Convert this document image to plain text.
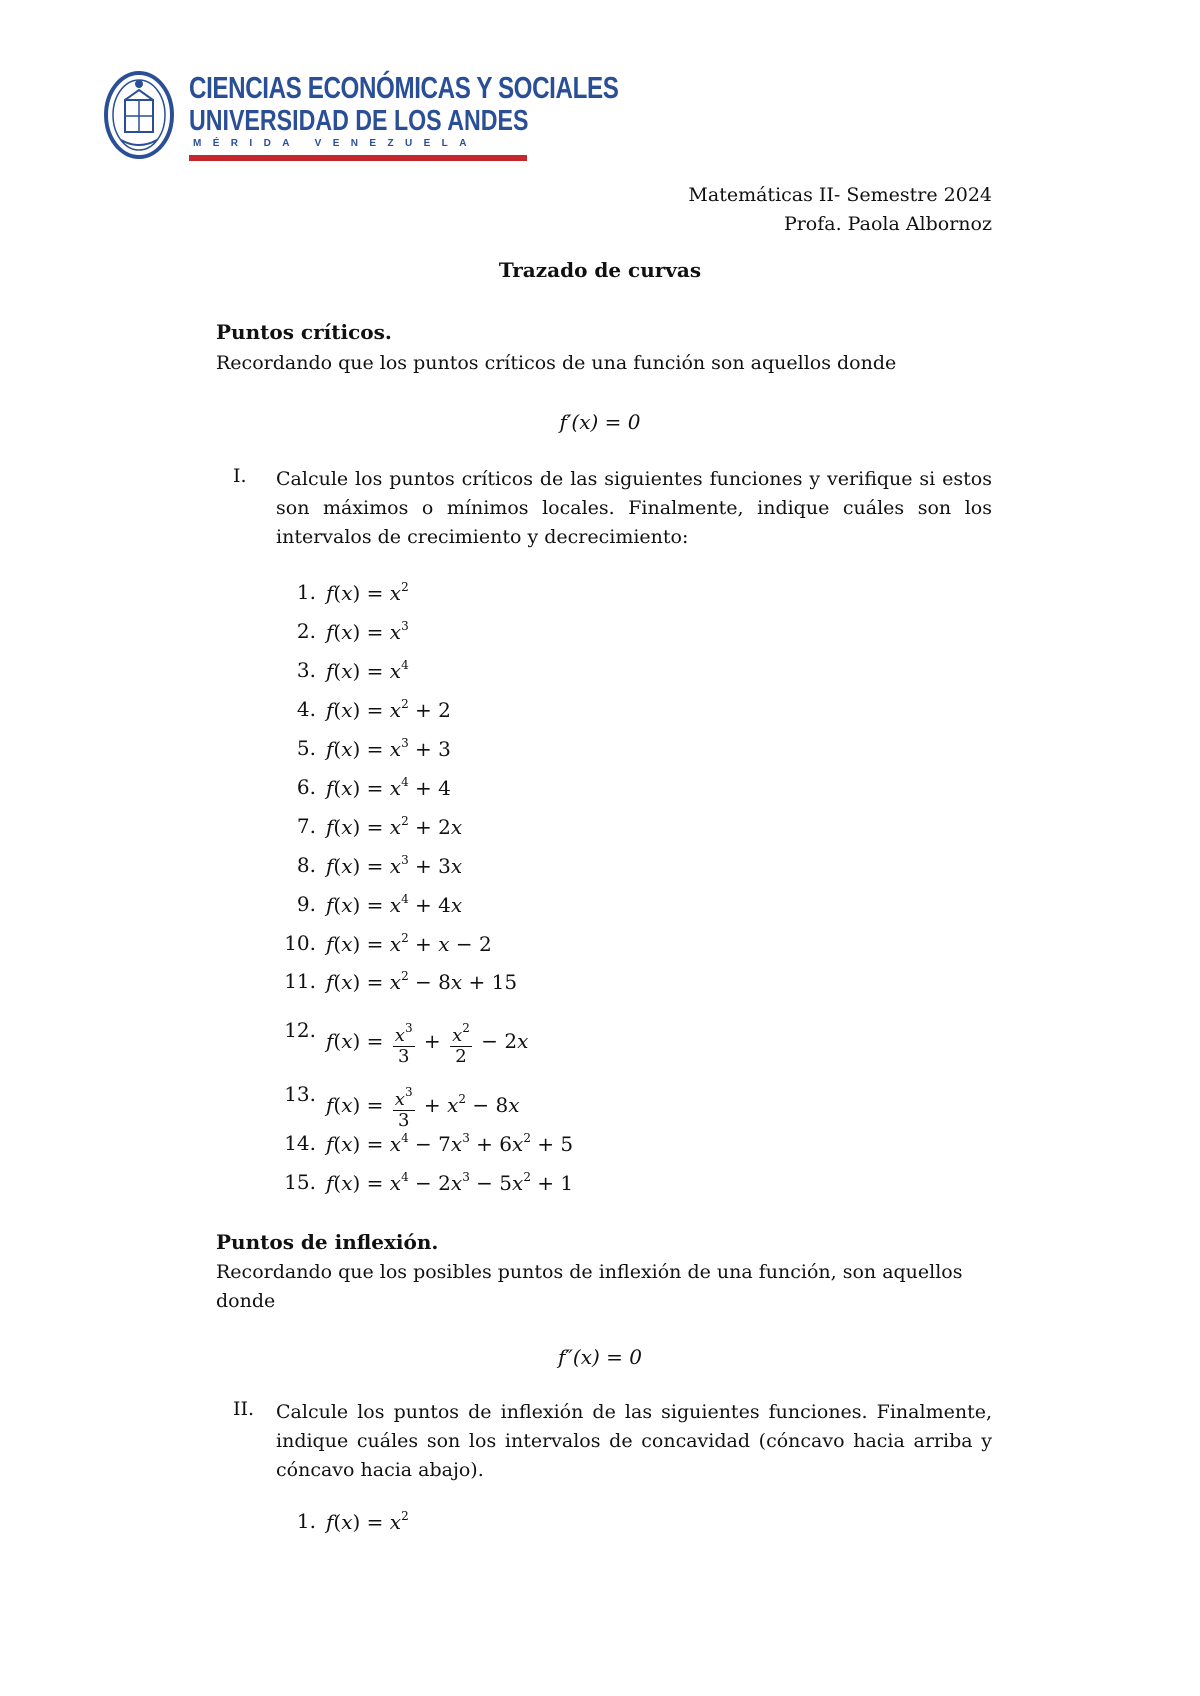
CIENCIAS ECONÓMICAS Y SOCIALES
UNIVERSIDAD DE LOS ANDES
MÉRIDA VENEZUELA
Matemáticas II- Semestre 2024
Profa. Paola Albornoz
Trazado de curvas
Puntos críticos.
Recordando que los puntos críticos de una función son aquellos donde
f′(x) = 0
I. Calcule los puntos críticos de las siguientes funciones y verifique si estos son máximos o mínimos locales. Finalmente, indique cuáles son los intervalos de crecimiento y decrecimiento:
1. $f(x) = x^2$
2. $f(x) = x^3$
3. $f(x) = x^4$
4. $f(x) = x^2 + 2$
5. $f(x) = x^3 + 3$
6. $f(x) = x^4 + 4$
7. $f(x) = x^2 + 2x$
8. $f(x) = x^3 + 3x$
9. $f(x) = x^4 + 4x$
10. $f(x) = x^2 + x - 2$
11. $f(x) = x^2 - 8x + 15$
12. $f(x) = \frac{x^3}{3} + \frac{x^2}{2} - 2x$
13. $f(x) = \frac{x^3}{3} + x^2 - 8x$
14. $f(x) = x^4 - 7x^3 + 6x^2 + 5$
15. $f(x) = x^4 - 2x^3 - 5x^2 + 1$
Puntos de inflexión.
Recordando que los posibles puntos de inflexión de una función, son aquellos donde
f″(x) = 0
II. Calcule los puntos de inflexión de las siguientes funciones. Finalmente, indique cuáles son los intervalos de concavidad (cóncavo hacia arriba y cóncavo hacia abajo).
1. $f(x) = x^2$
